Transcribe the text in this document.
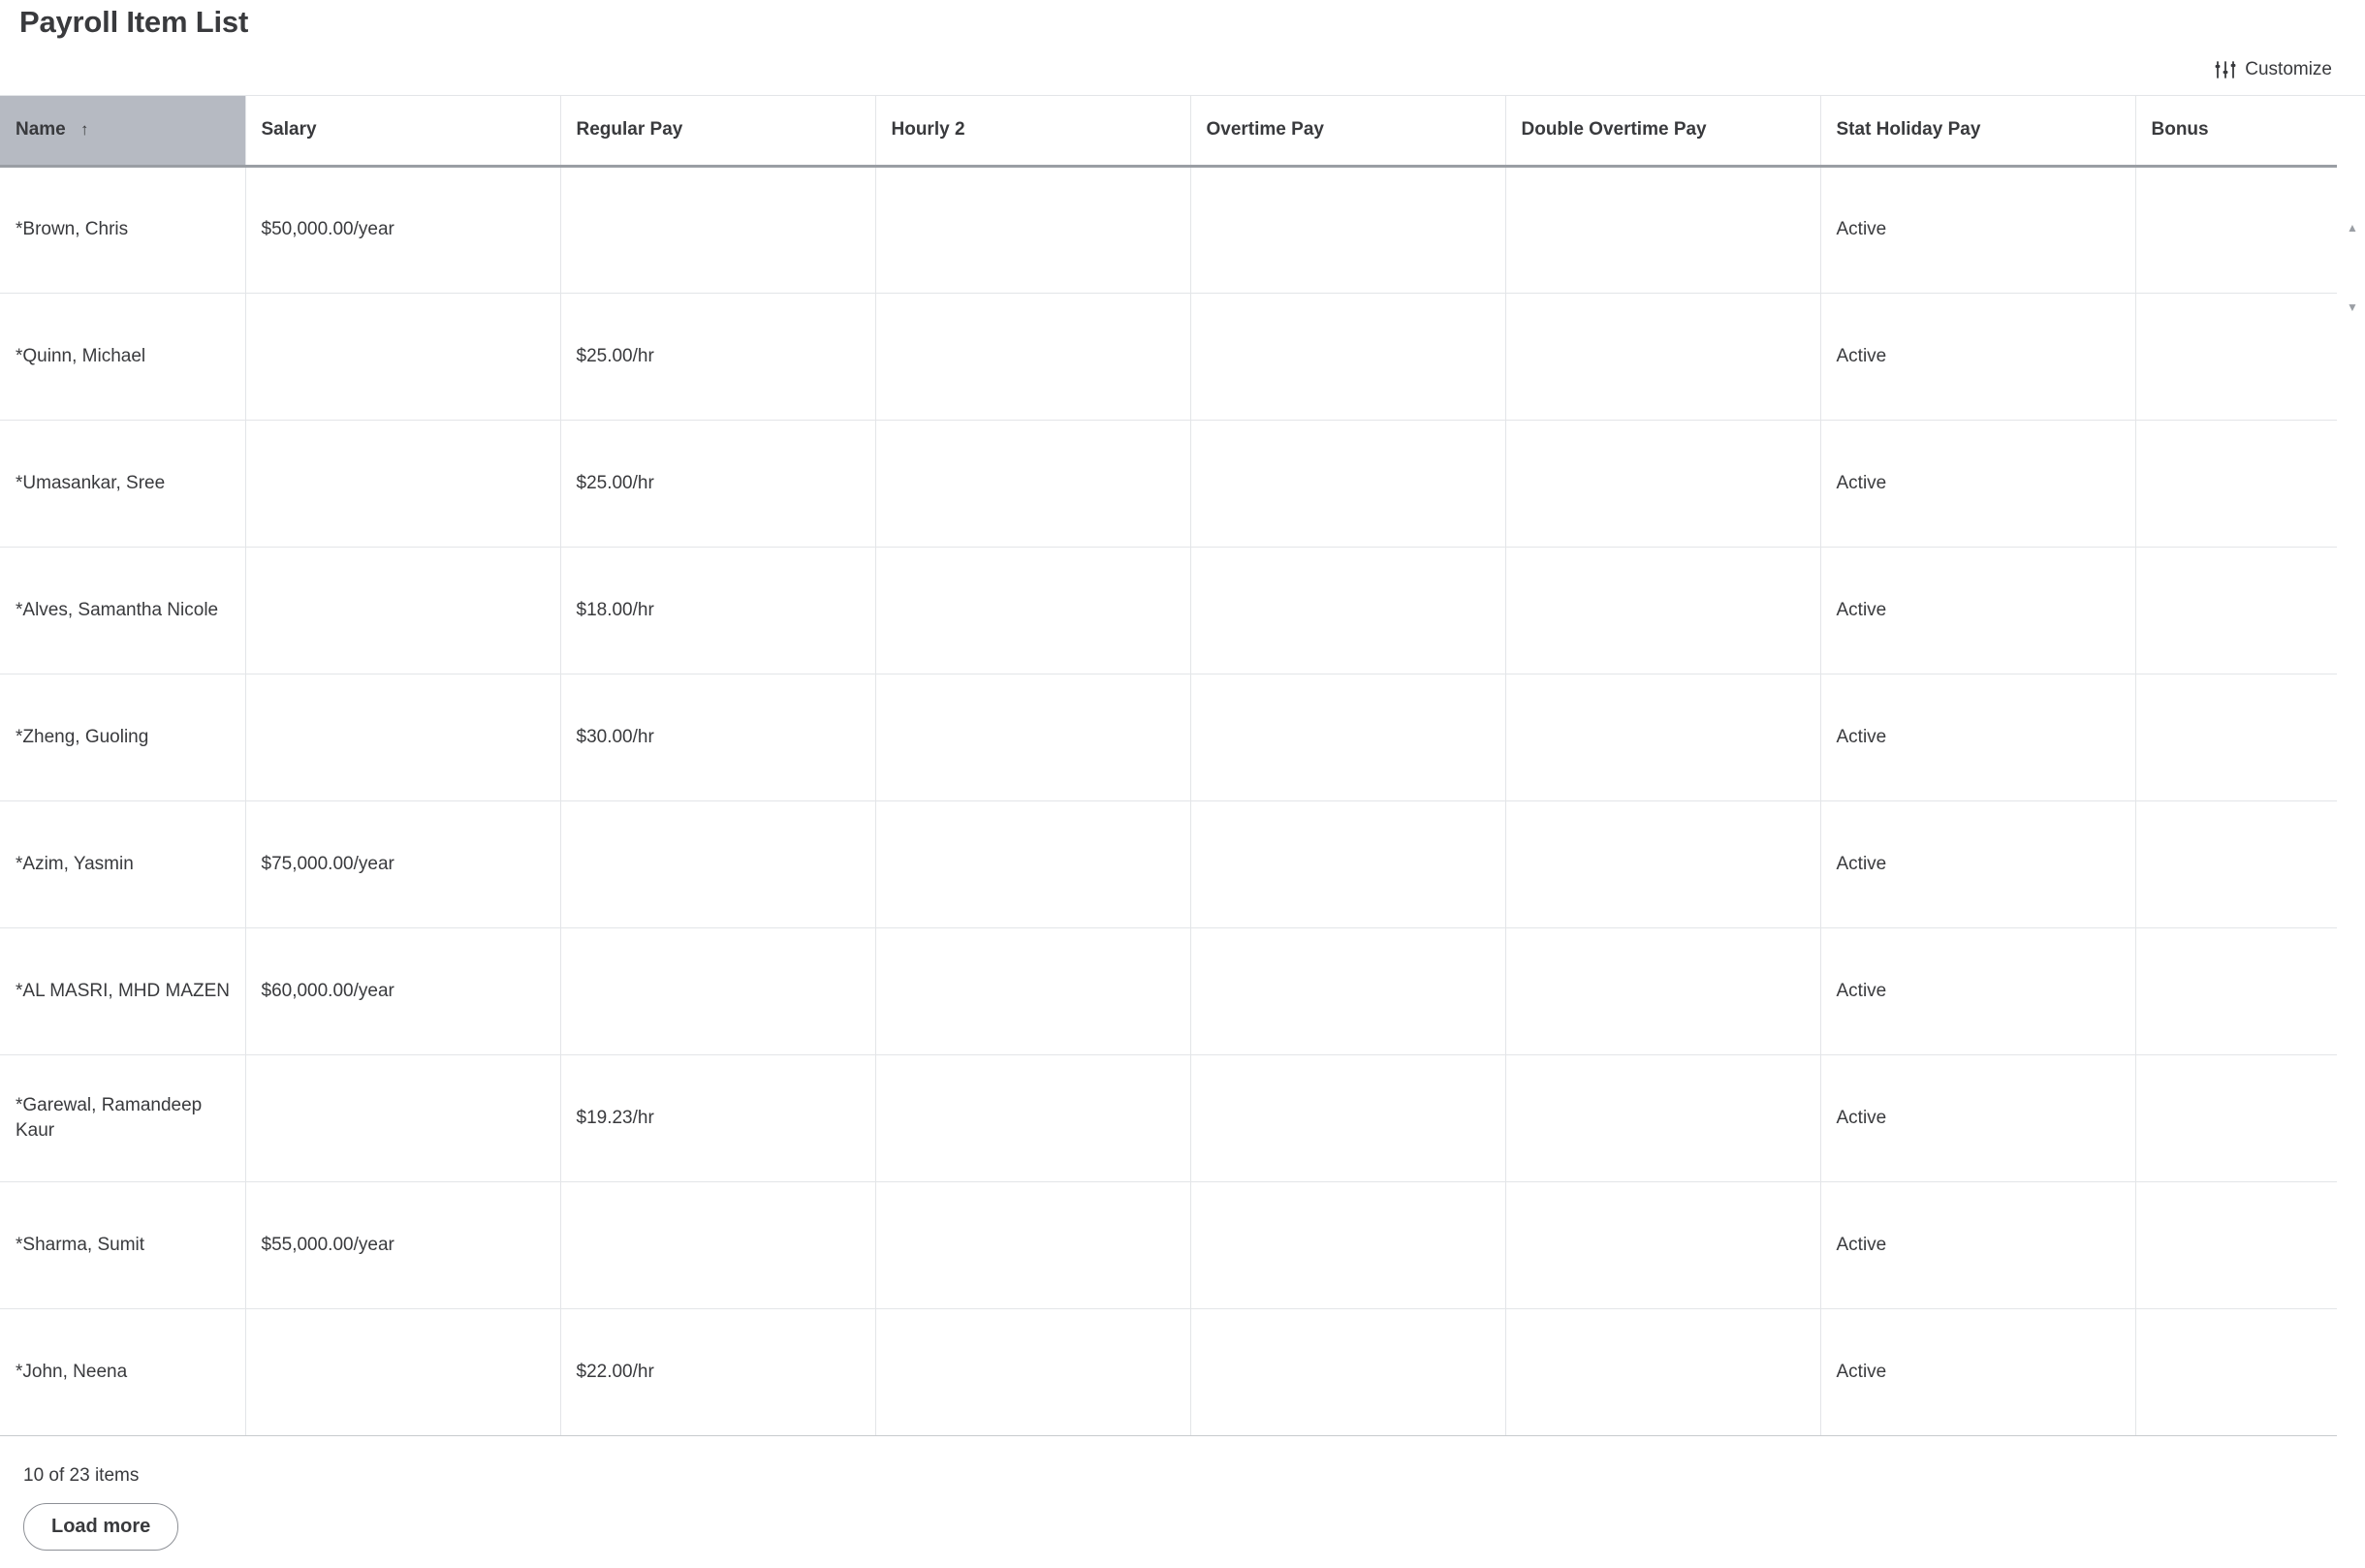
Payroll Item List
Customize
Name ↑	Salary	Regular Pay	Hourly 2	Overtime Pay	Double Overtime Pay	Stat Holiday Pay	Bonus
*Brown, Chris	$50,000.00/year					Active	
*Quinn, Michael		$25.00/hr				Active	
*Umasankar, Sree		$25.00/hr				Active	
*Alves, Samantha Nicole		$18.00/hr				Active	
*Zheng, Guoling		$30.00/hr				Active	
*Azim, Yasmin	$75,000.00/year					Active	
*AL MASRI, MHD MAZEN	$60,000.00/year					Active	
*Garewal, Ramandeep Kaur		$19.23/hr				Active	
*Sharma, Sumit	$55,000.00/year					Active	
*John, Neena		$22.00/hr				Active	
▲
▼
10 of 23 items
Load more
